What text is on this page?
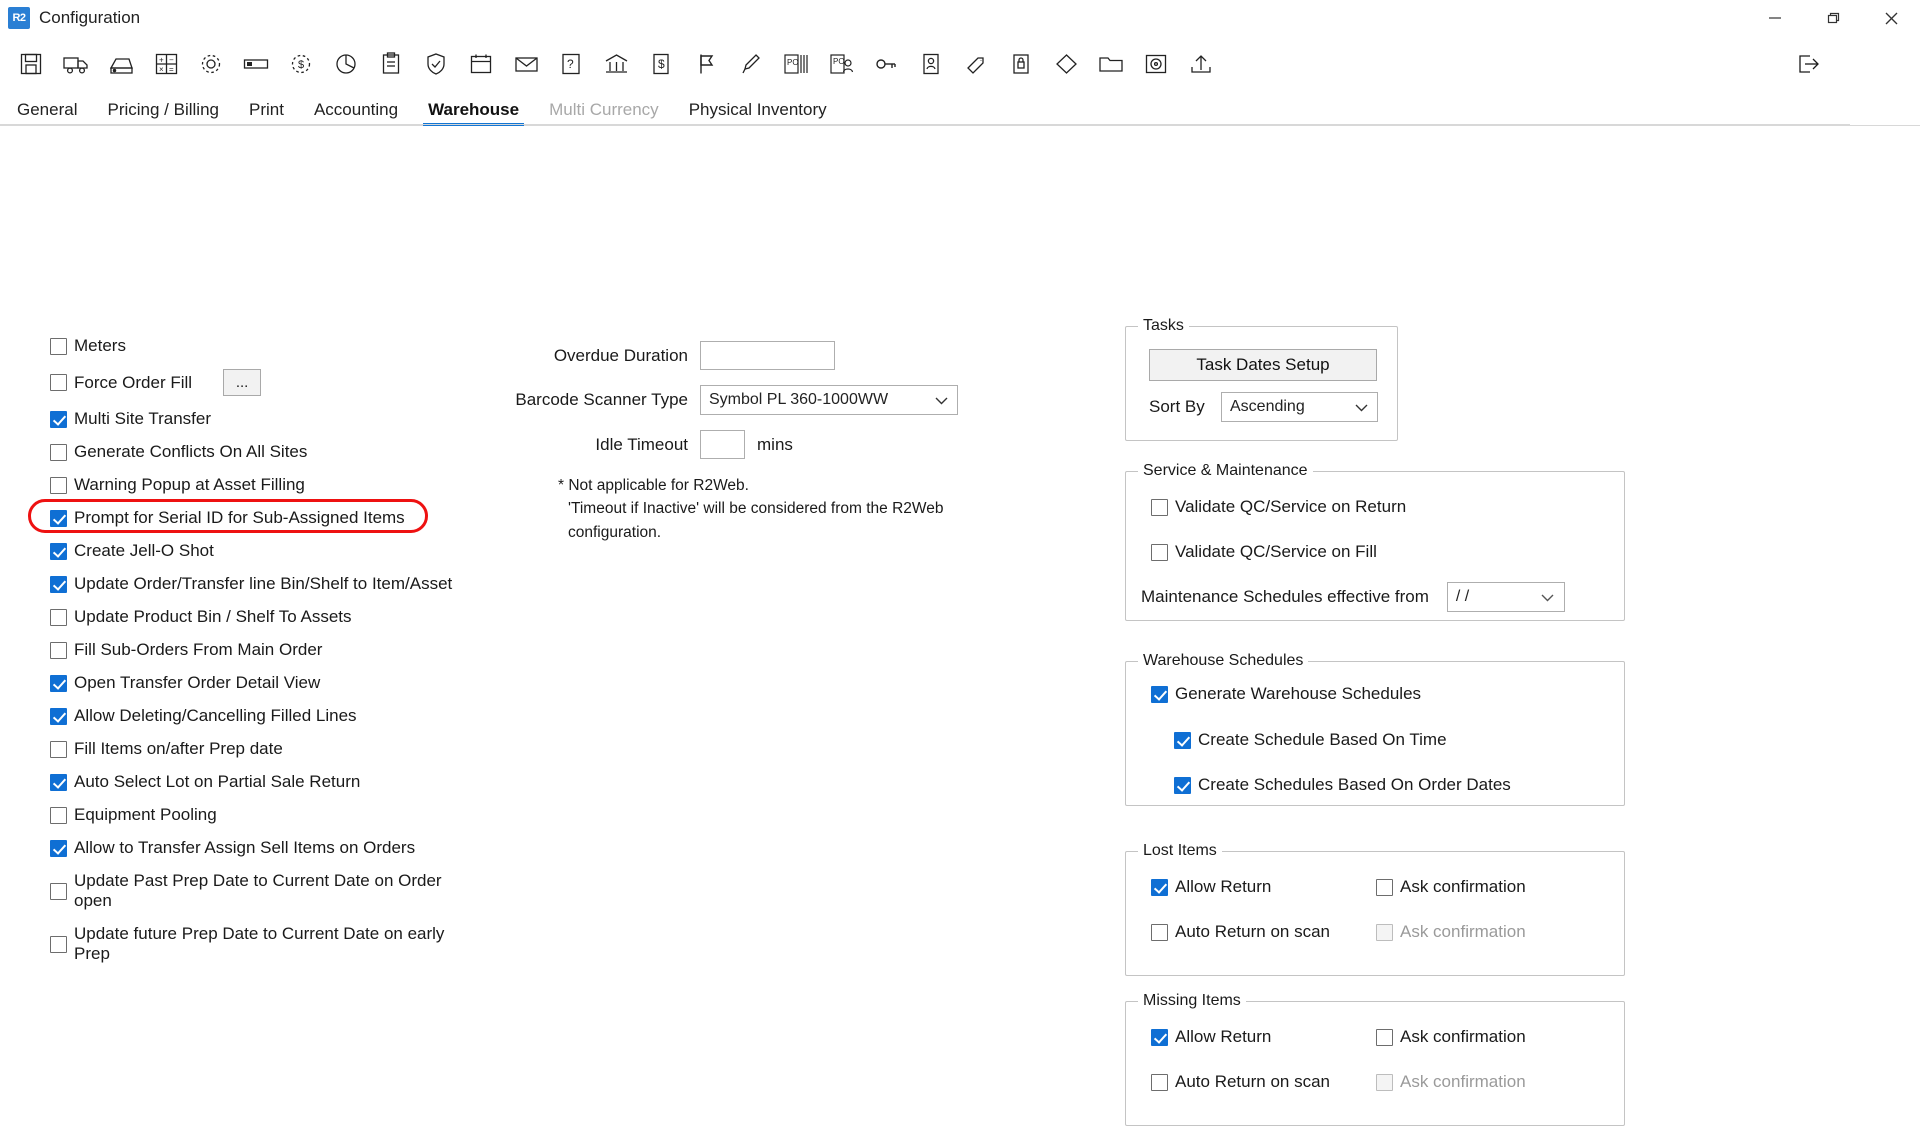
R2 Configuration
+ −
× =	$	?	$	PO	PO
General	Pricing / Billing	Print	Accounting	Warehouse	Multi Currency	Physical Inventory
Meters
Force Order Fill	...
Multi Site Transfer
Generate Conflicts On All Sites
Warning Popup at Asset Filling
Prompt for Serial ID for Sub-Assigned Items
Create Jell-O Shot
Update Order/Transfer line Bin/Shelf to Item/Asset
Update Product Bin / Shelf To Assets
Fill Sub-Orders From Main Order
Open Transfer Order Detail View
Allow Deleting/Cancelling Filled Lines
Fill Items on/after Prep date
Auto Select Lot on Partial Sale Return
Equipment Pooling
Allow to Transfer Assign Sell Items on Orders
Update Past Prep Date to Current Date on Order open
Update future Prep Date to Current Date on early Prep
Overdue Duration
Barcode Scanner Type	Symbol PL 360-1000WW
Idle Timeout	mins
* Not applicable for R2Web.
'Timeout if Inactive' will be considered from the R2Web configuration.
Tasks
Task Dates Setup
Sort By	Ascending
Service & Maintenance
Validate QC/Service on Return
Validate QC/Service on Fill
Maintenance Schedules effective from / /
Warehouse Schedules
Generate Warehouse Schedules
Create Schedule Based On Time
Create Schedules Based On Order Dates
Lost Items
Allow Return	Ask confirmation
Auto Return on scan	Ask confirmation
Missing Items
Allow Return	Ask confirmation
Auto Return on scan	Ask confirmation
